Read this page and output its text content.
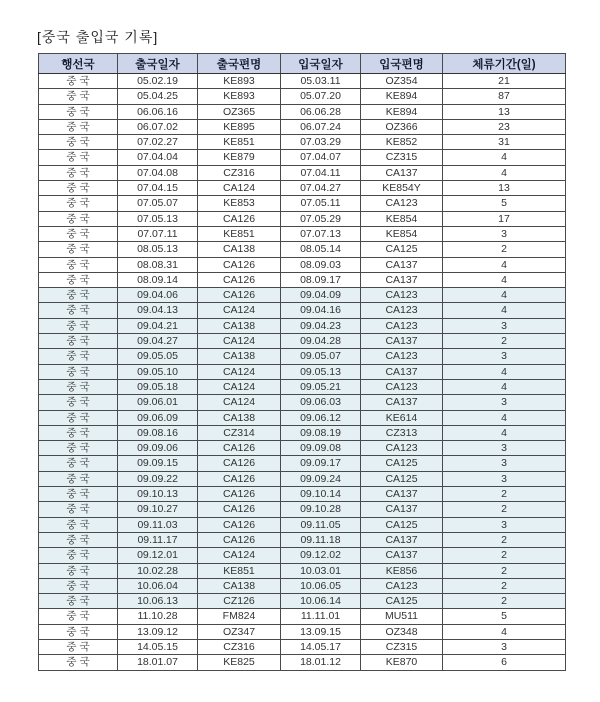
[중국 출입국 기록]
행선국	출국일자	출국편명	입국일자	입국편명	체류기간(일)
중 국	05.02.19	KE893	05.03.11	OZ354	21
중 국	05.04.25	KE893	05.07.20	KE894	87
중 국	06.06.16	OZ365	06.06.28	KE894	13
중 국	06.07.02	KE895	06.07.24	OZ366	23
중 국	07.02.27	KE851	07.03.29	KE852	31
중 국	07.04.04	KE879	07.04.07	CZ315	4
중 국	07.04.08	CZ316	07.04.11	CA137	4
중 국	07.04.15	CA124	07.04.27	KE854Y	13
중 국	07.05.07	KE853	07.05.11	CA123	5
중 국	07.05.13	CA126	07.05.29	KE854	17
중 국	07.07.11	KE851	07.07.13	KE854	3
중 국	08.05.13	CA138	08.05.14	CA125	2
중 국	08.08.31	CA126	08.09.03	CA137	4
중 국	08.09.14	CA126	08.09.17	CA137	4
중 국	09.04.06	CA126	09.04.09	CA123	4
중 국	09.04.13	CA124	09.04.16	CA123	4
중 국	09.04.21	CA138	09.04.23	CA123	3
중 국	09.04.27	CA124	09.04.28	CA137	2
중 국	09.05.05	CA138	09.05.07	CA123	3
중 국	09.05.10	CA124	09.05.13	CA137	4
중 국	09.05.18	CA124	09.05.21	CA123	4
중 국	09.06.01	CA124	09.06.03	CA137	3
중 국	09.06.09	CA138	09.06.12	KE614	4
중 국	09.08.16	CZ314	09.08.19	CZ313	4
중 국	09.09.06	CA126	09.09.08	CA123	3
중 국	09.09.15	CA126	09.09.17	CA125	3
중 국	09.09.22	CA126	09.09.24	CA125	3
중 국	09.10.13	CA126	09.10.14	CA137	2
중 국	09.10.27	CA126	09.10.28	CA137	2
중 국	09.11.03	CA126	09.11.05	CA125	3
중 국	09.11.17	CA126	09.11.18	CA137	2
중 국	09.12.01	CA124	09.12.02	CA137	2
중 국	10.02.28	KE851	10.03.01	KE856	2
중 국	10.06.04	CA138	10.06.05	CA123	2
중 국	10.06.13	CZ126	10.06.14	CA125	2
중 국	11.10.28	FM824	11.11.01	MU511	5
중 국	13.09.12	OZ347	13.09.15	OZ348	4
중 국	14.05.15	CZ316	14.05.17	CZ315	3
중 국	18.01.07	KE825	18.01.12	KE870	6
